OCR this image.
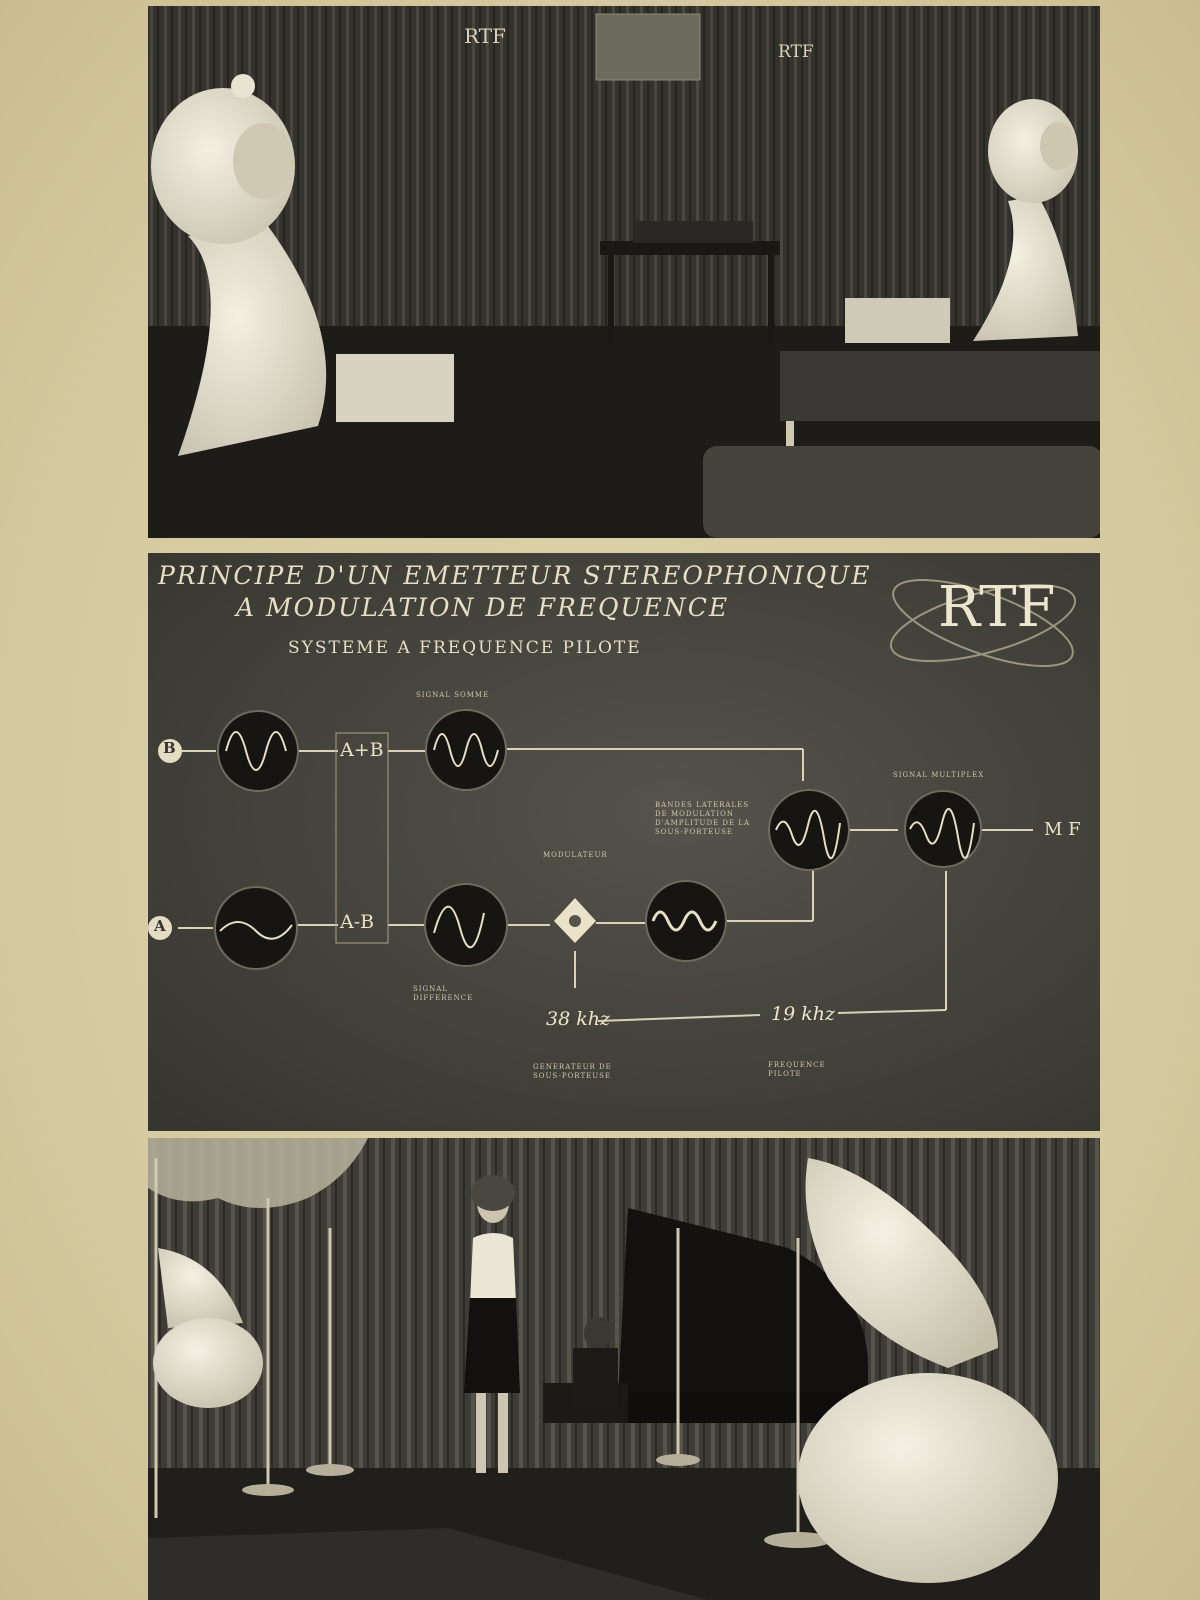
RTF
RTF
PRINCIPE D'UN EMETTEUR STEREOPHONIQUE
A MODULATION DE FREQUENCE
SYSTEME A FREQUENCE PILOTE
RTF
B
A
A+B
A-B
38 khz	19 khz
M F
SIGNAL SOMME
SIGNAL DIFFERENCE
MODULATEUR
BANDES LATERALES DE MODULATION D'AMPLITUDE DE LA SOUS-PORTEUSE
SIGNAL MULTIPLEX
GENERATEUR DE SOUS-PORTEUSE
FREQUENCE PILOTE
